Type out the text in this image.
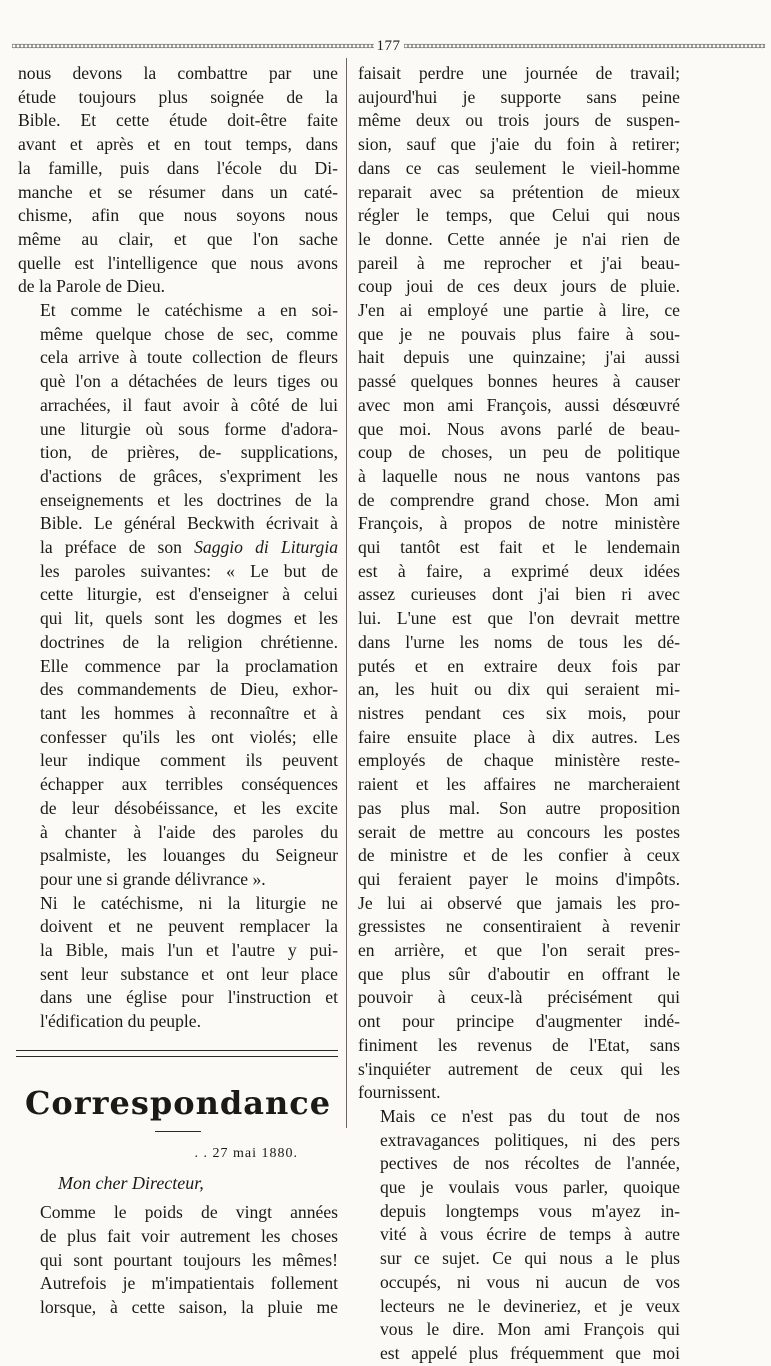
177

nous devons la combattre par une
étude toujours plus soignée de la
Bible. Et cette étude doit-être faite
avant et après et en tout temps, dans
la famille, puis dans l'école du Di-
manche et se résumer dans un caté-
chisme, afin que nous soyons nous
même au clair, et que l'on sache
quelle est l'intelligence que nous avons
de la Parole de Dieu.

Et comme le catéchisme a en soi-
même quelque chose de sec, comme
cela arrive à toute collection de fleurs
què l'on a détachées de leurs tiges ou
arrachées, il faut avoir à côté de lui
une liturgie où sous forme d'adora-
tion, de prières, de- supplications,
d'actions de grâces, s'expriment les
enseignements et les doctrines de la
Bible. Le général Beckwith écrivait à
la préface de son Saggio di Liturgia
les paroles suivantes: « Le but de
cette liturgie, est d'enseigner à celui
qui lit, quels sont les dogmes et les
doctrines de la religion chrétienne.
Elle commence par la proclamation
des commandements de Dieu, exhor-
tant les hommes à reconnaître et à
confesser qu'ils les ont violés; elle
leur indique comment ils peuvent
échapper aux terribles conséquences
de leur désobéissance, et les excite
à chanter à l'aide des paroles du
psalmiste, les louanges du Seigneur
pour une si grande délivrance ».

Ni le catéchisme, ni la liturgie ne
doivent et ne peuvent remplacer la
la Bible, mais l'un et l'autre y pui-
sent leur substance et ont leur place
dans une église pour l'instruction et
l'édification du peuple.

Correspondance
. . 27 mai 1880.
Mon cher Directeur,

Comme le poids de vingt années
de plus fait voir autrement les choses
qui sont pourtant toujours les mêmes!
Autrefois je m'impatientais follement
lorsque, à cette saison, la pluie me

faisait perdre une journée de travail;
aujourd'hui je supporte sans peine
même deux ou trois jours de suspen-
sion, sauf que j'aie du foin à retirer;
dans ce cas seulement le vieil-homme
reparait avec sa prétention de mieux
régler le temps, que Celui qui nous
le donne. Cette année je n'ai rien de
pareil à me reprocher et j'ai beau-
coup joui de ces deux jours de pluie.
J'en ai employé une partie à lire, ce
que je ne pouvais plus faire à sou-
hait depuis une quinzaine; j'ai aussi
passé quelques bonnes heures à causer
avec mon ami François, aussi désœuvré
que moi. Nous avons parlé de beau-
coup de choses, un peu de politique
à laquelle nous ne nous vantons pas
de comprendre grand chose. Mon ami
François, à propos de notre ministère
qui tantôt est fait et le lendemain
est à faire, a exprimé deux idées
assez curieuses dont j'ai bien ri avec
lui. L'une est que l'on devrait mettre
dans l'urne les noms de tous les dé-
putés et en extraire deux fois par
an, les huit ou dix qui seraient mi-
nistres pendant ces six mois, pour
faire ensuite place à dix autres. Les
employés de chaque ministère reste-
raient et les affaires ne marcheraient
pas plus mal. Son autre proposition
serait de mettre au concours les postes
de ministre et de les confier à ceux
qui feraient payer le moins d'impôts.
Je lui ai observé que jamais les pro-
gressistes ne consentiraient à revenir
en arrière, et que l'on serait pres-
que plus sûr d'aboutir en offrant le
pouvoir à ceux-là précisément qui
ont pour principe d'augmenter indé-
finiment les revenus de l'Etat, sans
s'inquiéter autrement de ceux qui les
fournissent.

Mais ce n'est pas du tout de nos
extravagances politiques, ni des pers
pectives de nos récoltes de l'année,
que je voulais vous parler, quoique
depuis longtemps vous m'ayez in-
vité à vous écrire de temps à autre
sur ce sujet. Ce qui nous a le plus
occupés, ni vous ni aucun de vos
lecteurs ne le devineriez, et je veux
vous le dire. Mon ami François qui
est appelé plus fréquemment que moi
